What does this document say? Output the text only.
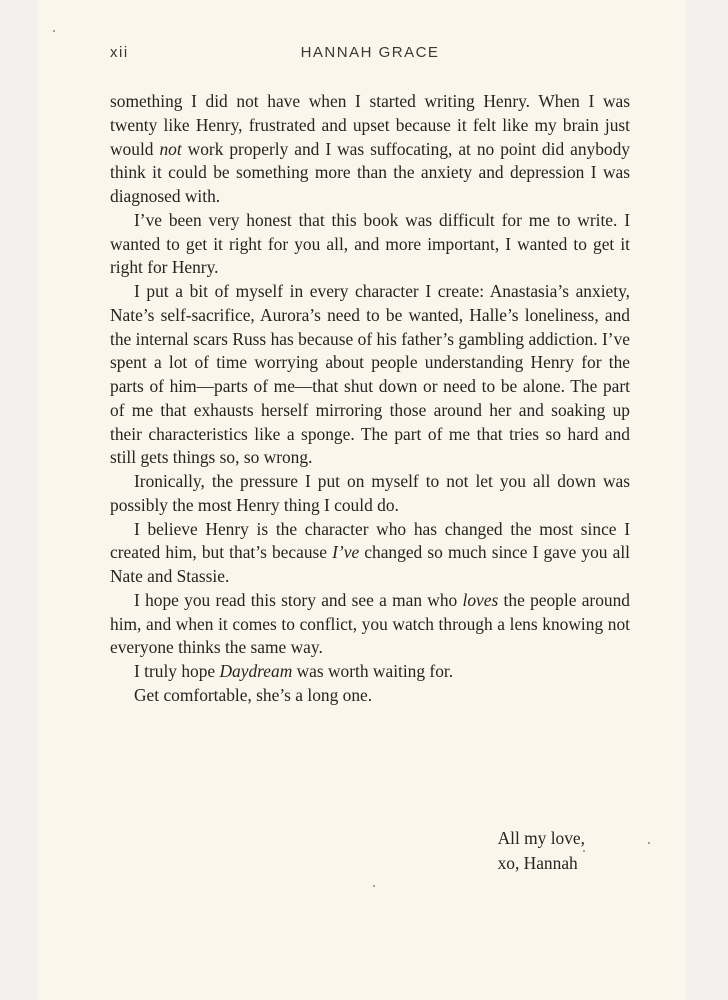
xii	HANNAH GRACE

something I did not have when I started writing Henry. When I was twenty like Henry, frustrated and upset because it felt like my brain just would not work properly and I was suffocating, at no point did anybody think it could be something more than the anxiety and depression I was diagnosed with.

I’ve been very honest that this book was difficult for me to write. I wanted to get it right for you all, and more important, I wanted to get it right for Henry.

I put a bit of myself in every character I create: Anastasia’s anxiety, Nate’s self-sacrifice, Aurora’s need to be wanted, Halle’s loneliness, and the internal scars Russ has because of his father’s gambling addiction. I’ve spent a lot of time worrying about people understanding Henry for the parts of him—parts of me—that shut down or need to be alone. The part of me that exhausts herself mirroring those around her and soaking up their characteristics like a sponge. The part of me that tries so hard and still gets things so, so wrong.

Ironically, the pressure I put on myself to not let you all down was possibly the most Henry thing I could do.

I believe Henry is the character who has changed the most since I created him, but that’s because I’ve changed so much since I gave you all Nate and Stassie.

I hope you read this story and see a man who loves the people around him, and when it comes to conflict, you watch through a lens knowing not everyone thinks the same way.

I truly hope Daydream was worth waiting for.

Get comfortable, she’s a long one.

All my love,
xo, Hannah
